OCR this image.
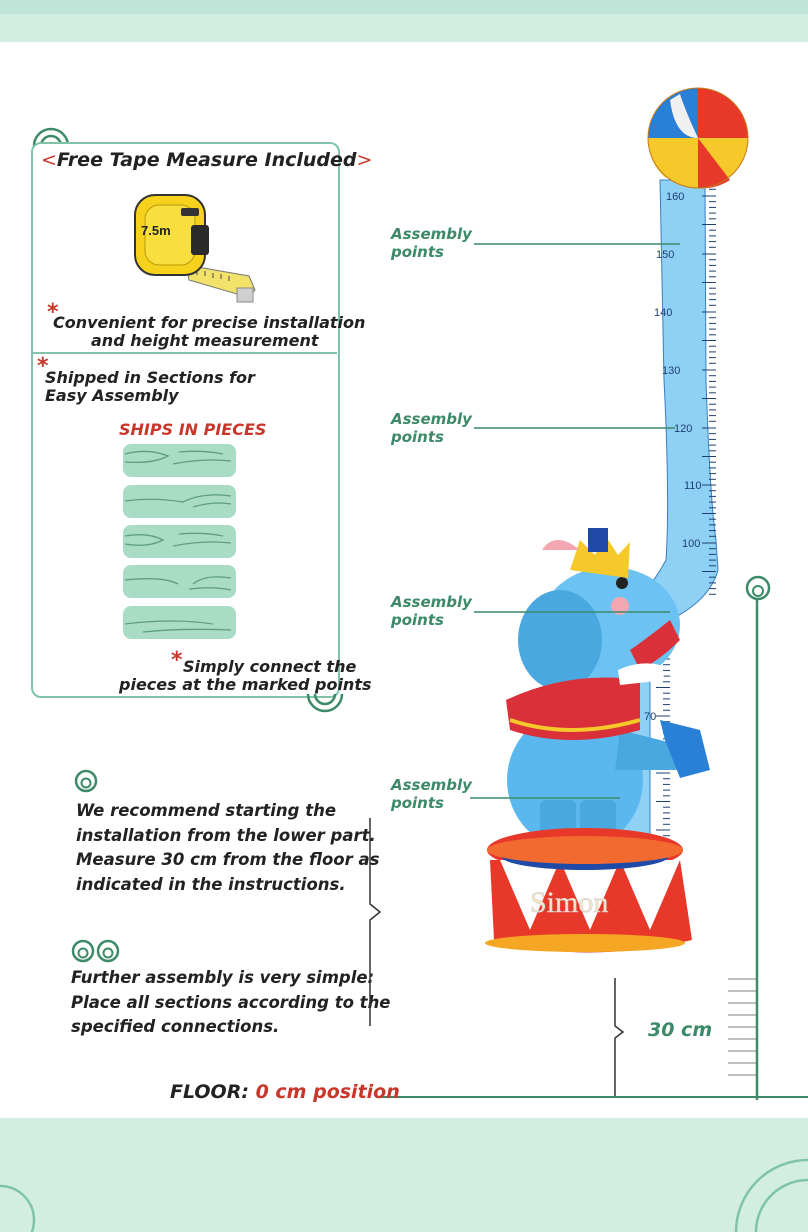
<Free Tape Measure Included>
7.5m
*
Convenient for precise installation
and height measurement
*
Shipped in Sections for
Easy Assembly
SHIPS IN PIECES
* Simply connect the
pieces at the marked points
We recommend starting the
installation from the lower part.
Measure 30 cm from the floor as
indicated in the instructions.
Further assembly is very simple:
Place all sections according to the
specified connections.
Assembly
points
Assembly
points
Assembly
points
Assembly
points
160
150
140
130
120
110
100
70
Simon
30 cm
FLOOR: 0 cm position
